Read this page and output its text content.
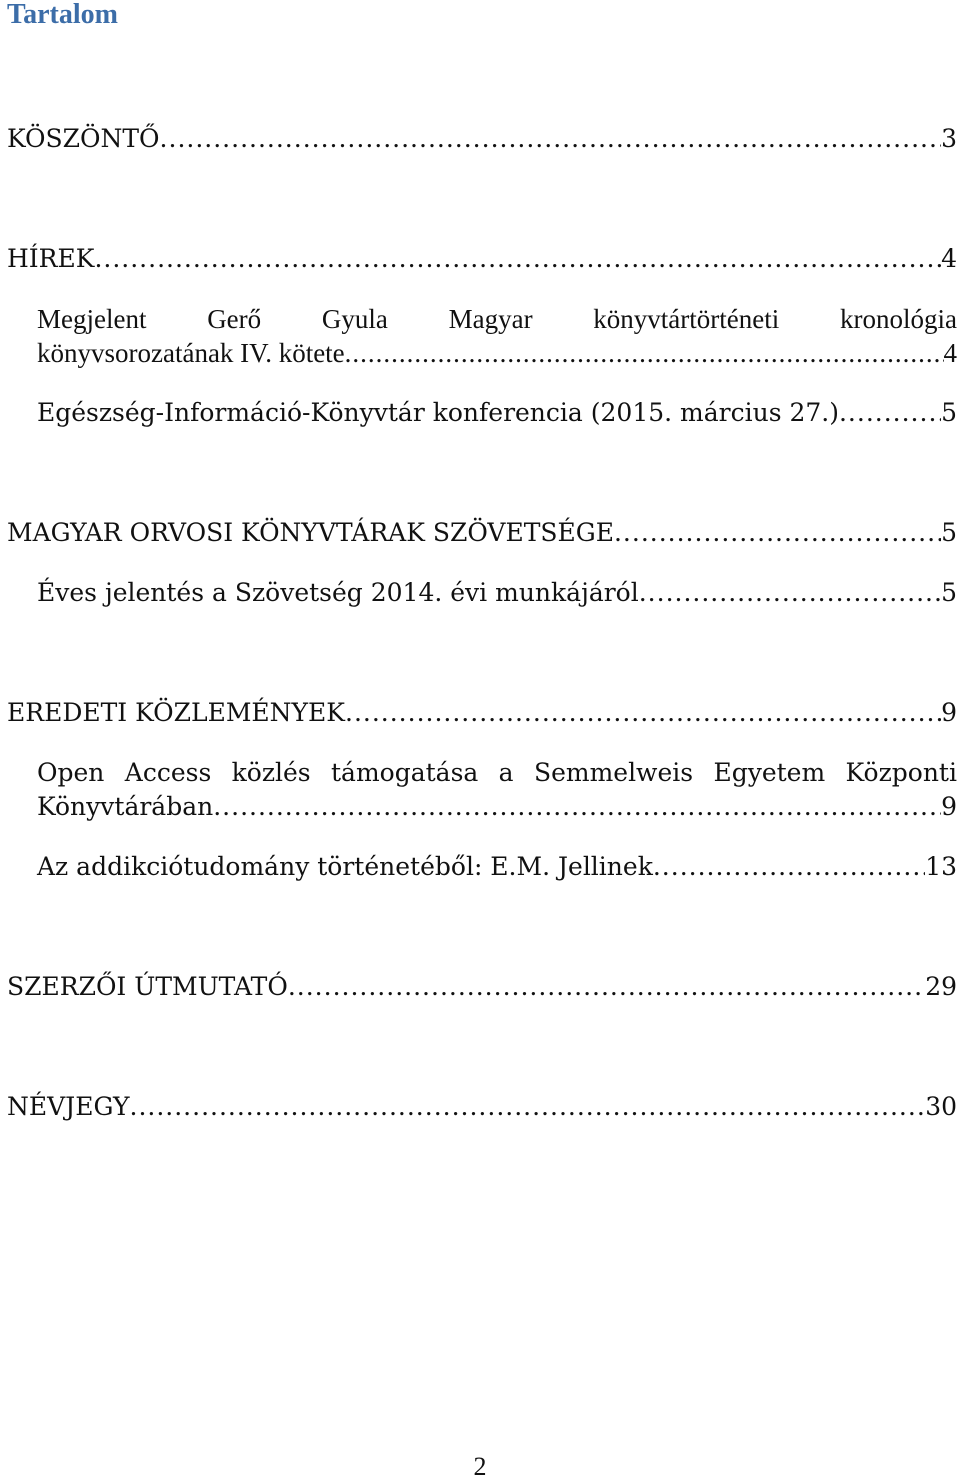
Tartalom
KÖSZÖNTŐ .....	3
HÍREK .....	4
Megjelent Gerő Gyula Magyar könyvtártörténeti kronológia
könyvsorozatának IV. kötete .....	4
Egészség-Információ-Könyvtár konferencia (2015. március 27.) .....	5
MAGYAR ORVOSI KÖNYVTÁRAK SZÖVETSÉGE .....	5
Éves jelentés a Szövetség 2014. évi munkájáról .....	5
EREDETI KÖZLEMÉNYEK .....	9
Open Access közlés támogatása a Semmelweis Egyetem Központi
Könyvtárában .....	9
Az addikciótudomány történetéből: E.M. Jellinek .....	13
SZERZŐI ÚTMUTATÓ .....	29
NÉVJEGY .....	30
2
